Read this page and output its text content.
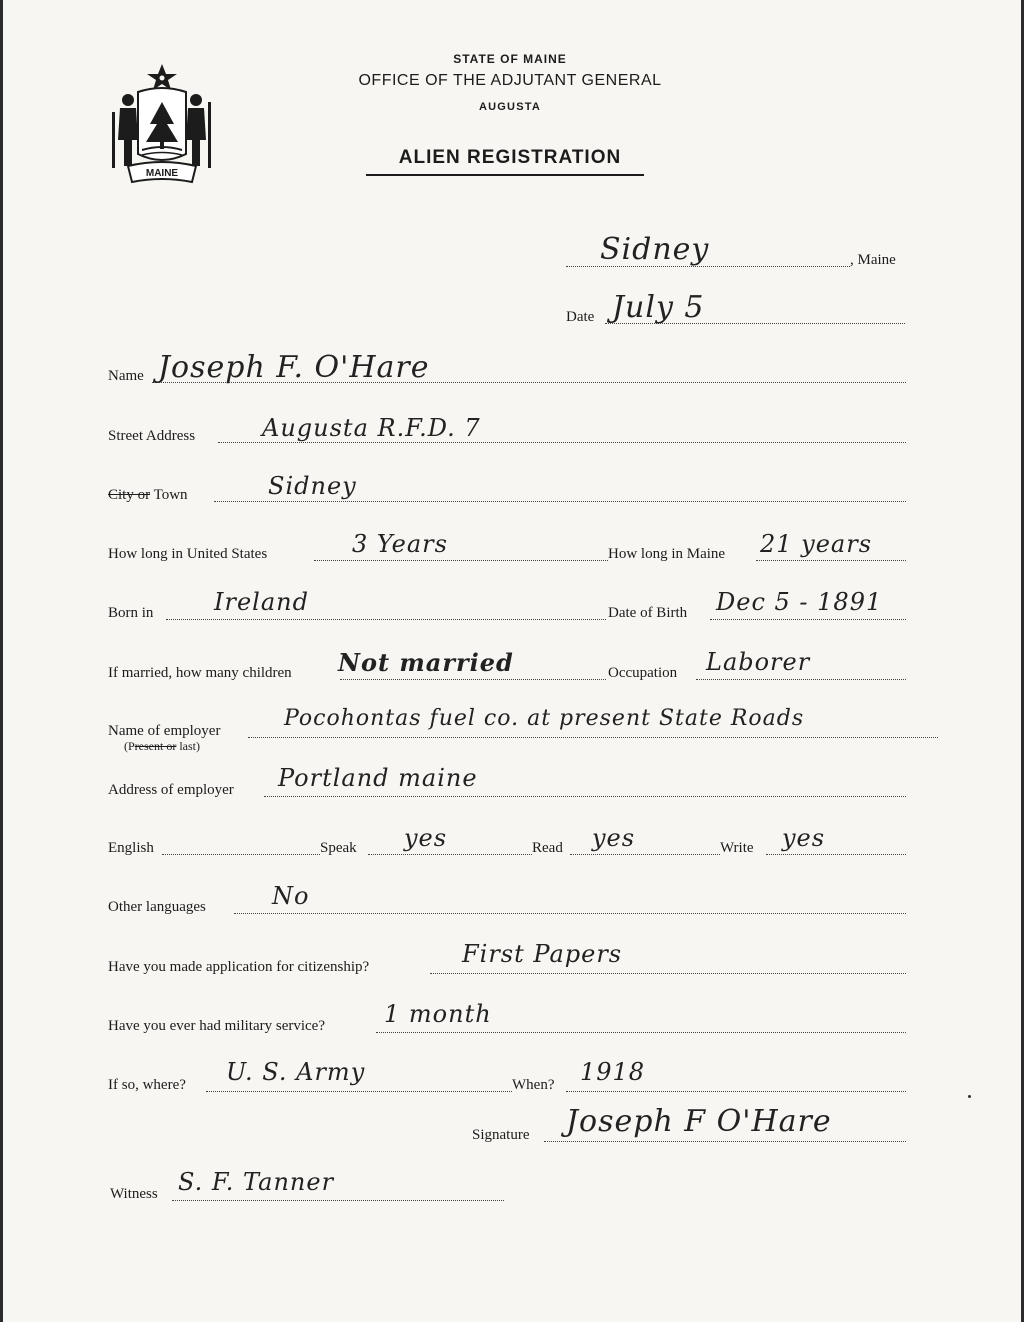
MAINE
STATE OF MAINE
OFFICE OF THE ADJUTANT GENERAL
AUGUSTA
ALIEN REGISTRATION
Sidney	, Maine
Date July 5
Name Joseph F. O'Hare
Street Address	Augusta R.F.D. 7
City or Town	Sidney
How long in United States	3 Years	How long in Maine 21 years
Born in	Ireland	Date of Birth Dec 5 - 1891
If married, how many children Not married	Occupation Laborer
Name of employer
(Present or last)
Pocohontas fuel co. at present State Roads
Address of employer Portland maine
English	Speak yes	Read yes	Write yes
Other languages	No
Have you made application for citizenship?	First Papers
Have you ever had military service? 1 month
If so, where? U. S. Army	When? 1918
Signature Joseph F O'Hare
Witness S. F. Tanner
